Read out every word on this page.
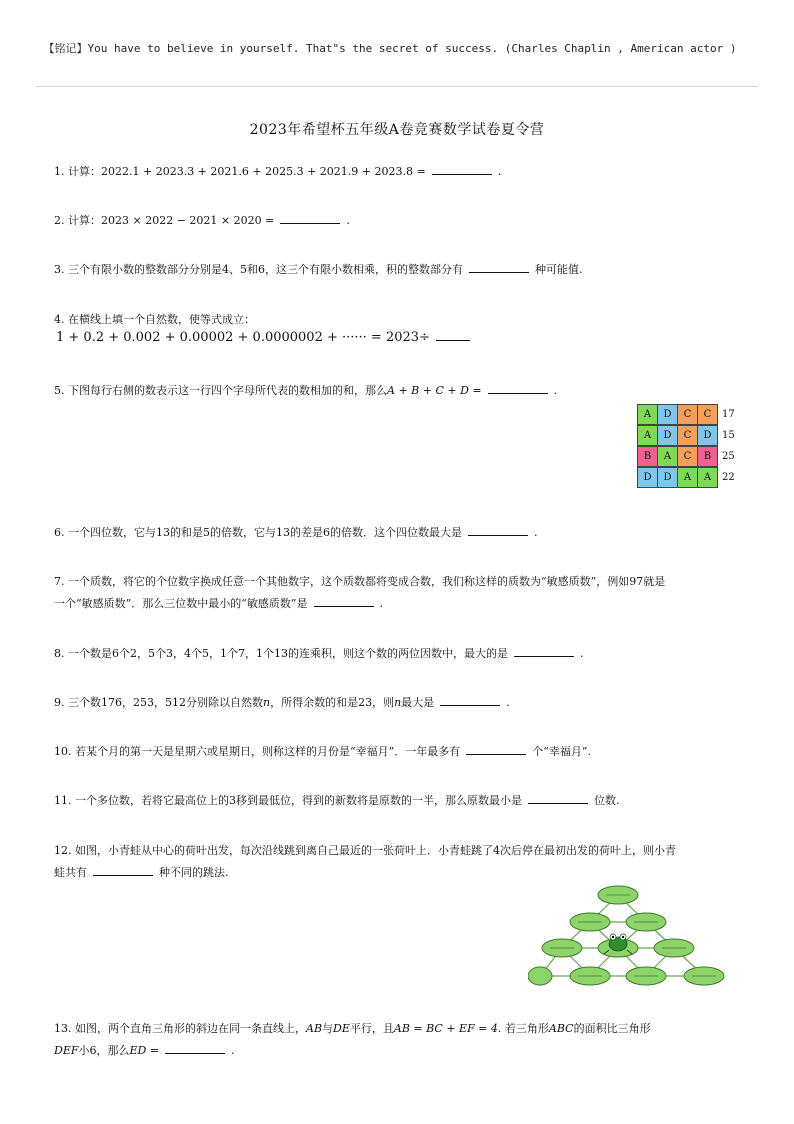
【铭记】You have to believe in yourself. That"s the secret of success. (Charles Chaplin , American actor )
2023年希望杯五年级A卷竞赛数学试卷夏令营
1. 计算：2022.1 + 2023.3 + 2021.6 + 2025.3 + 2021.9 + 2023.8 =	.
2. 计算：2023 × 2022 − 2021 × 2020 =	.
3. 三个有限小数的整数部分分别是4、5和6，这三个有限小数相乘，积的整数部分有	种可能值.
4. 在横线上填一个自然数，使等式成立：
1 + 0.2 + 0.002 + 0.00002 + 0.0000002 + ······ = 2023÷
5. 下图每行右侧的数表示这一行四个字母所代表的数相加的和，那么A + B + C + D =	.
A	D	C	C	17
A	D	C	D	15
B	A	C	B	25
D	D	A	A	22
6. 一个四位数，它与13的和是5的倍数，它与13的差是6的倍数．这个四位数最大是	.
7. 一个质数，将它的个位数字换成任意一个其他数字，这个质数都将变成合数，我们称这样的质数为“敏感质数”，例如97就是
一个“敏感质数”．那么三位数中最小的“敏感质数”是	.
8. 一个数是6个2，5个3，4个5，1个7，1个13的连乘积，则这个数的两位因数中，最大的是	.
9. 三个数176，253，512分别除以自然数n，所得余数的和是23，则n最大是	.
10. 若某个月的第一天是星期六或星期日，则称这样的月份是“幸福月”．一年最多有	个“幸福月”.
11. 一个多位数，若将它最高位上的3移到最低位，得到的新数将是原数的一半，那么原数最小是	位数.
12. 如图，小青蛙从中心的荷叶出发，每次沿线跳到离自己最近的一张荷叶上．小青蛙跳了4次后停在最初出发的荷叶上，则小青
蛙共有	种不同的跳法.
13. 如图，两个直角三角形的斜边在同一条直线上，AB与DE平行，且AB = BC + EF = 4. 若三角形ABC的面积比三角形
DEF小6，那么ED =	.
